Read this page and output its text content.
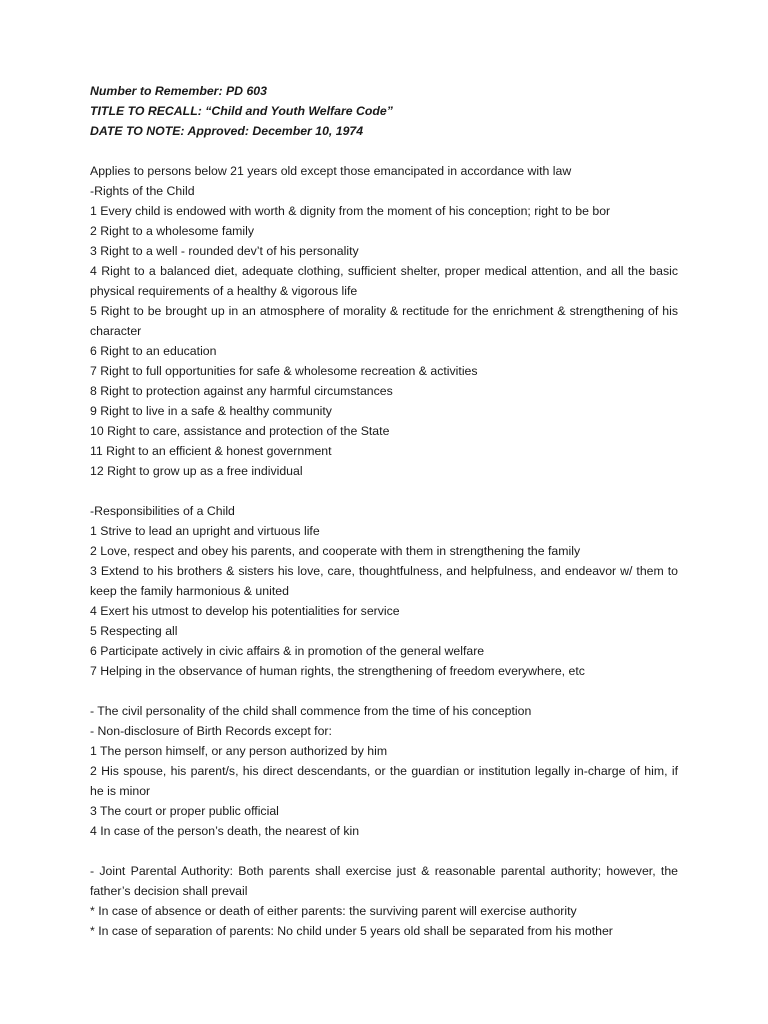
Number to Remember: PD 603
TITLE TO RECALL: “Child and Youth Welfare Code”
DATE TO NOTE: Approved: December 10, 1974
Applies to persons below 21 years old except those emancipated in accordance with law
-Rights of the Child
1 Every child is endowed with worth & dignity from the moment of his conception; right to be bor
2 Right to a wholesome family
3 Right to a well - rounded dev’t of his personality
4 Right to a balanced diet, adequate clothing, sufficient shelter, proper medical attention, and all the basic physical requirements of a healthy & vigorous life
5 Right to be brought up in an atmosphere of morality & rectitude for the enrichment & strengthening of his character
6 Right to an education
7 Right to full opportunities for safe & wholesome recreation & activities
8 Right to protection against any harmful circumstances
9 Right to live in a safe & healthy community
10 Right to care, assistance and protection of the State
11 Right to an efficient & honest government
12 Right to grow up as a free individual
-Responsibilities of a Child
1 Strive to lead an upright and virtuous life
2 Love, respect and obey his parents, and cooperate with them in strengthening the family
3 Extend to his brothers & sisters his love, care, thoughtfulness, and helpfulness, and endeavor w/ them to keep the family harmonious & united
4 Exert his utmost to develop his potentialities for service
5 Respecting all
6 Participate actively in civic affairs & in promotion of the general welfare
7 Helping in the observance of human rights, the strengthening of freedom everywhere, etc
- The civil personality of the child shall commence from the time of his conception
- Non-disclosure of Birth Records except for:
1 The person himself, or any person authorized by him
2 His spouse, his parent/s, his direct descendants, or the guardian or institution legally in-charge of him, if he is minor
3 The court or proper public official
4 In case of the person’s death, the nearest of kin
- Joint Parental Authority: Both parents shall exercise just & reasonable parental authority; however, the father’s decision shall prevail
* In case of absence or death of either parents: the surviving parent will exercise authority
* In case of separation of parents: No child under 5 years old shall be separated from his mother
